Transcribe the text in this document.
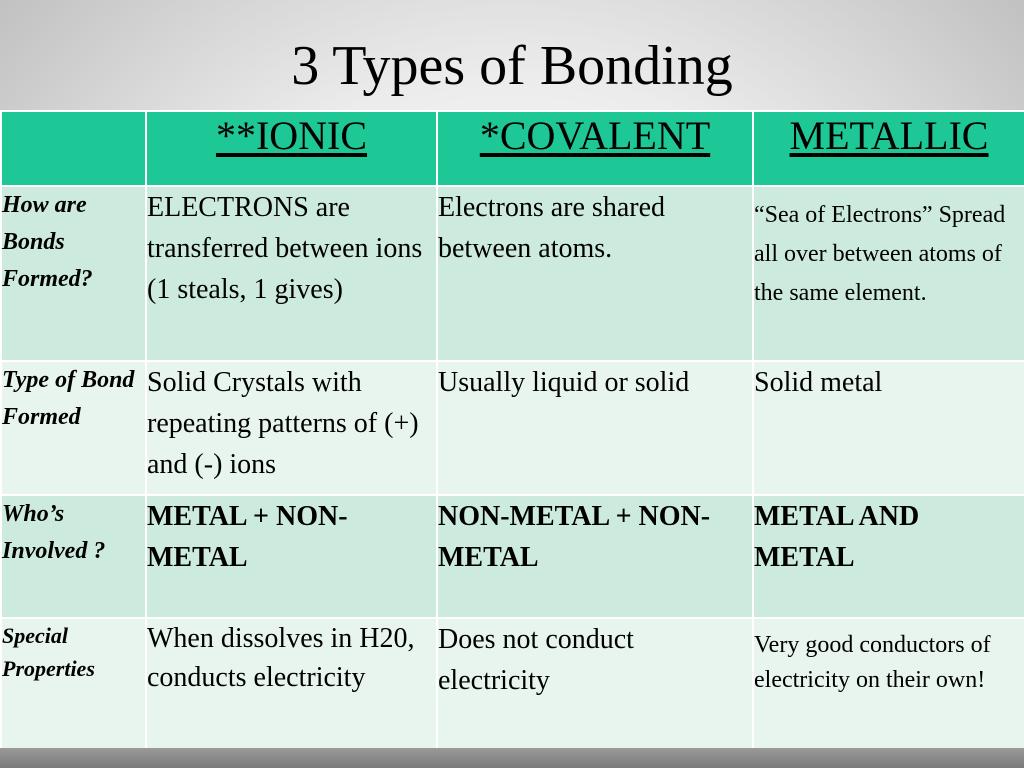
3 Types of Bonding
	**IONIC	*COVALENT	METALLIC
How are Bonds Formed?	ELECTRONS are transferred between ions (1 steals, 1 gives)	Electrons are shared between atoms.	“Sea of Electrons” Spread all over between atoms of the same element.
Type of Bond Formed	Solid Crystals with repeating patterns of (+) and (-) ions	Usually liquid or solid	Solid metal
Who’s Involved ?	METAL + NON-METAL	NON-METAL + NON-METAL	METAL AND METAL
Special Properties	When dissolves in H20, conducts electricity	Does not conduct electricity	Very good conductors of electricity on their own!
